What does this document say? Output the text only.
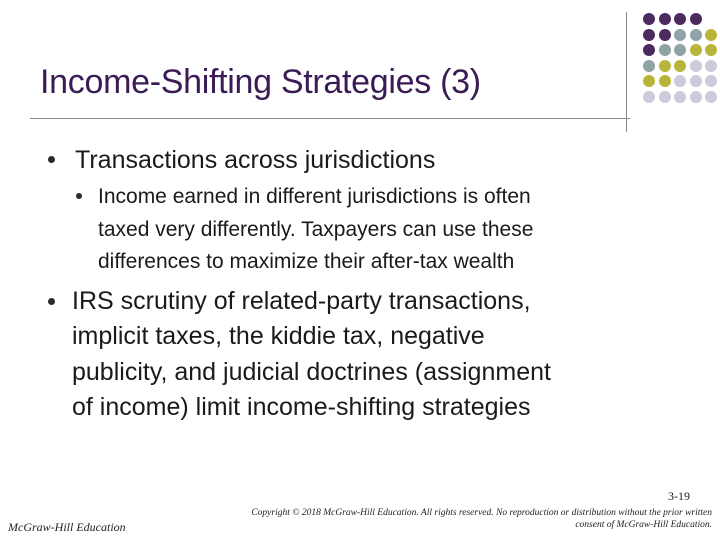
Income-Shifting Strategies (3)
Transactions across jurisdictions
Income earned in different jurisdictions is often
taxed very differently. Taxpayers can use these
differences to maximize their after-tax wealth
IRS scrutiny of related-party transactions,
implicit taxes, the kiddie tax, negative
publicity, and judicial doctrines (assignment
of income) limit income-shifting strategies
3-19
McGraw-Hill Education
Copyright © 2018 McGraw-Hill Education. All rights reserved. No reproduction or distribution without the prior written
consent of McGraw-Hill Education.
